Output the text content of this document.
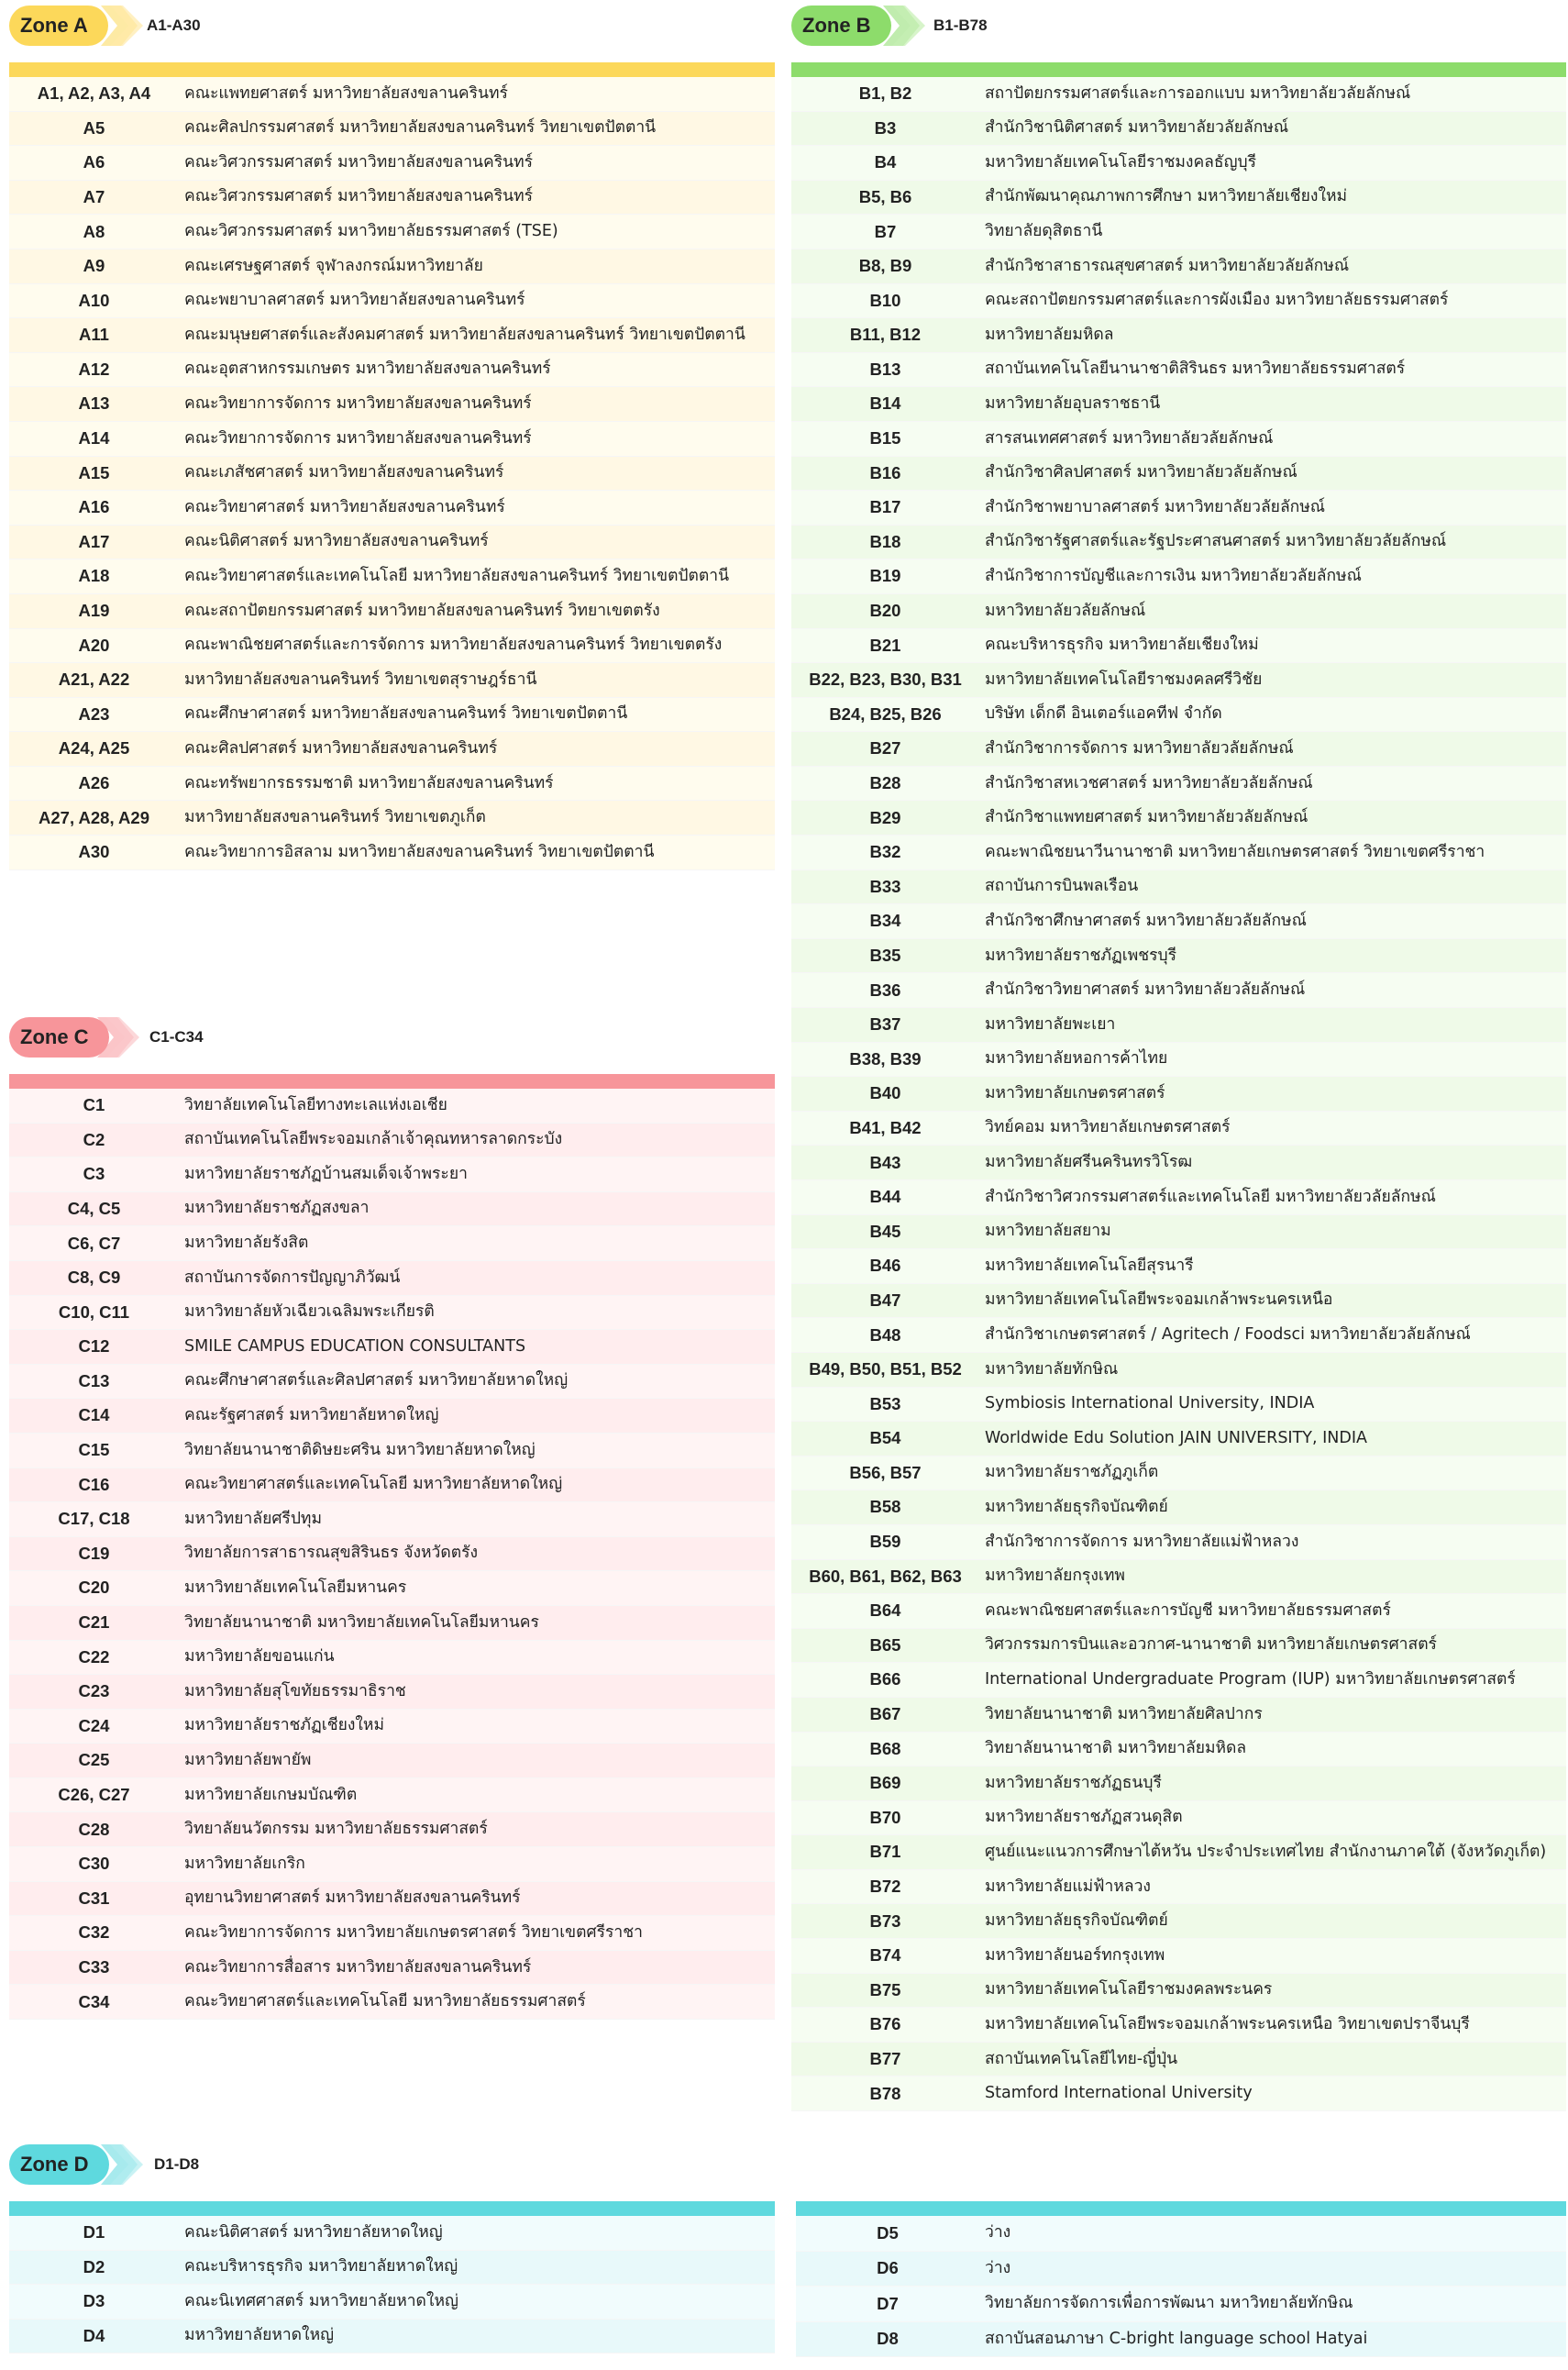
Zone A	A1-A30
A1, A2, A3, A4	คณะแพทยศาสตร์ มหาวิทยาลัยสงขลานครินทร์
A5	คณะศิลปกรรมศาสตร์ มหาวิทยาลัยสงขลานครินทร์ วิทยาเขตปัตตานี
A6	คณะวิศวกรรมศาสตร์ มหาวิทยาลัยสงขลานครินทร์
A7	คณะวิศวกรรมศาสตร์ มหาวิทยาลัยสงขลานครินทร์
A8	คณะวิศวกรรมศาสตร์ มหาวิทยาลัยธรรมศาสตร์ (TSE)
A9	คณะเศรษฐศาสตร์ จุฬาลงกรณ์มหาวิทยาลัย
A10	คณะพยาบาลศาสตร์ มหาวิทยาลัยสงขลานครินทร์
A11	คณะมนุษยศาสตร์และสังคมศาสตร์ มหาวิทยาลัยสงขลานครินทร์ วิทยาเขตปัตตานี
A12	คณะอุตสาหกรรมเกษตร มหาวิทยาลัยสงขลานครินทร์
A13	คณะวิทยาการจัดการ มหาวิทยาลัยสงขลานครินทร์
A14	คณะวิทยาการจัดการ มหาวิทยาลัยสงขลานครินทร์
A15	คณะเภสัชศาสตร์ มหาวิทยาลัยสงขลานครินทร์
A16	คณะวิทยาศาสตร์ มหาวิทยาลัยสงขลานครินทร์
A17	คณะนิติศาสตร์ มหาวิทยาลัยสงขลานครินทร์
A18	คณะวิทยาศาสตร์และเทคโนโลยี มหาวิทยาลัยสงขลานครินทร์ วิทยาเขตปัตตานี
A19	คณะสถาปัตยกรรมศาสตร์ มหาวิทยาลัยสงขลานครินทร์ วิทยาเขตตรัง
A20	คณะพาณิชยศาสตร์และการจัดการ มหาวิทยาลัยสงขลานครินทร์ วิทยาเขตตรัง
A21, A22	มหาวิทยาลัยสงขลานครินทร์ วิทยาเขตสุราษฎร์ธานี
A23	คณะศึกษาศาสตร์ มหาวิทยาลัยสงขลานครินทร์ วิทยาเขตปัตตานี
A24, A25	คณะศิลปศาสตร์ มหาวิทยาลัยสงขลานครินทร์
A26	คณะทรัพยากรธรรมชาติ มหาวิทยาลัยสงขลานครินทร์
A27, A28, A29	มหาวิทยาลัยสงขลานครินทร์ วิทยาเขตภูเก็ต
A30	คณะวิทยาการอิสลาม มหาวิทยาลัยสงขลานครินทร์ วิทยาเขตปัตตานี
Zone B	B1-B78
B1, B2	สถาปัตยกรรมศาสตร์และการออกแบบ มหาวิทยาลัยวลัยลักษณ์
B3	สำนักวิชานิติศาสตร์ มหาวิทยาลัยวลัยลักษณ์
B4	มหาวิทยาลัยเทคโนโลยีราชมงคลธัญบุรี
B5, B6	สำนักพัฒนาคุณภาพการศึกษา มหาวิทยาลัยเชียงใหม่
B7	วิทยาลัยดุสิตธานี
B8, B9	สำนักวิชาสาธารณสุขศาสตร์ มหาวิทยาลัยวลัยลักษณ์
B10	คณะสถาปัตยกรรมศาสตร์และการผังเมือง มหาวิทยาลัยธรรมศาสตร์
B11, B12	มหาวิทยาลัยมหิดล
B13	สถาบันเทคโนโลยีนานาชาติสิรินธร มหาวิทยาลัยธรรมศาสตร์
B14	มหาวิทยาลัยอุบลราชธานี
B15	สารสนเทศศาสตร์ มหาวิทยาลัยวลัยลักษณ์
B16	สำนักวิชาศิลปศาสตร์ มหาวิทยาลัยวลัยลักษณ์
B17	สำนักวิชาพยาบาลศาสตร์ มหาวิทยาลัยวลัยลักษณ์
B18	สำนักวิชารัฐศาสตร์และรัฐประศาสนศาสตร์ มหาวิทยาลัยวลัยลักษณ์
B19	สำนักวิชาการบัญชีและการเงิน มหาวิทยาลัยวลัยลักษณ์
B20	มหาวิทยาลัยวลัยลักษณ์
B21	คณะบริหารธุรกิจ มหาวิทยาลัยเชียงใหม่
B22, B23, B30, B31	มหาวิทยาลัยเทคโนโลยีราชมงคลศรีวิชัย
B24, B25, B26	บริษัท เด็กดี อินเตอร์แอคทีฟ จำกัด
B27	สำนักวิชาการจัดการ มหาวิทยาลัยวลัยลักษณ์
B28	สำนักวิชาสหเวชศาสตร์ มหาวิทยาลัยวลัยลักษณ์
B29	สำนักวิชาแพทยศาสตร์ มหาวิทยาลัยวลัยลักษณ์
B32	คณะพาณิชยนาวีนานาชาติ มหาวิทยาลัยเกษตรศาสตร์ วิทยาเขตศรีราชา
B33	สถาบันการบินพลเรือน
B34	สำนักวิชาศึกษาศาสตร์ มหาวิทยาลัยวลัยลักษณ์
B35	มหาวิทยาลัยราชภัฏเพชรบุรี
B36	สำนักวิชาวิทยาศาสตร์ มหาวิทยาลัยวลัยลักษณ์
B37	มหาวิทยาลัยพะเยา
B38, B39	มหาวิทยาลัยหอการค้าไทย
B40	มหาวิทยาลัยเกษตรศาสตร์
B41, B42	วิทย์คอม มหาวิทยาลัยเกษตรศาสตร์
B43	มหาวิทยาลัยศรีนครินทรวิโรฒ
B44	สำนักวิชาวิศวกรรมศาสตร์และเทคโนโลยี มหาวิทยาลัยวลัยลักษณ์
B45	มหาวิทยาลัยสยาม
B46	มหาวิทยาลัยเทคโนโลยีสุรนารี
B47	มหาวิทยาลัยเทคโนโลยีพระจอมเกล้าพระนครเหนือ
B48	สำนักวิชาเกษตรศาสตร์ / Agritech / Foodsci มหาวิทยาลัยวลัยลักษณ์
B49, B50, B51, B52	มหาวิทยาลัยทักษิณ
B53	Symbiosis International University, INDIA
B54	Worldwide Edu Solution JAIN UNIVERSITY, INDIA
B56, B57	มหาวิทยาลัยราชภัฏภูเก็ต
B58	มหาวิทยาลัยธุรกิจบัณฑิตย์
B59	สำนักวิชาการจัดการ มหาวิทยาลัยแม่ฟ้าหลวง
B60, B61, B62, B63	มหาวิทยาลัยกรุงเทพ
B64	คณะพาณิชยศาสตร์และการบัญชี มหาวิทยาลัยธรรมศาสตร์
B65	วิศวกรรมการบินและอวกาศ-นานาชาติ มหาวิทยาลัยเกษตรศาสตร์
B66	International Undergraduate Program (IUP) มหาวิทยาลัยเกษตรศาสตร์
B67	วิทยาลัยนานาชาติ มหาวิทยาลัยศิลปากร
B68	วิทยาลัยนานาชาติ มหาวิทยาลัยมหิดล
B69	มหาวิทยาลัยราชภัฏธนบุรี
B70	มหาวิทยาลัยราชภัฏสวนดุสิต
B71	ศูนย์แนะแนวการศึกษาไต้หวัน ประจำประเทศไทย สำนักงานภาคใต้ (จังหวัดภูเก็ต)
B72	มหาวิทยาลัยแม่ฟ้าหลวง
B73	มหาวิทยาลัยธุรกิจบัณฑิตย์
B74	มหาวิทยาลัยนอร์ทกรุงเทพ
B75	มหาวิทยาลัยเทคโนโลยีราชมงคลพระนคร
B76	มหาวิทยาลัยเทคโนโลยีพระจอมเกล้าพระนครเหนือ วิทยาเขตปราจีนบุรี
B77	สถาบันเทคโนโลยีไทย-ญี่ปุ่น
B78	Stamford International University
Zone C	C1-C34
C1	วิทยาลัยเทคโนโลยีทางทะเลแห่งเอเชีย
C2	สถาบันเทคโนโลยีพระจอมเกล้าเจ้าคุณทหารลาดกระบัง
C3	มหาวิทยาลัยราชภัฏบ้านสมเด็จเจ้าพระยา
C4, C5	มหาวิทยาลัยราชภัฏสงขลา
C6, C7	มหาวิทยาลัยรังสิต
C8, C9	สถาบันการจัดการปัญญาภิวัฒน์
C10, C11	มหาวิทยาลัยหัวเฉียวเฉลิมพระเกียรติ
C12	SMILE CAMPUS EDUCATION CONSULTANTS
C13	คณะศึกษาศาสตร์และศิลปศาสตร์ มหาวิทยาลัยหาดใหญ่
C14	คณะรัฐศาสตร์ มหาวิทยาลัยหาดใหญ่
C15	วิทยาลัยนานาชาติดิษยะศริน มหาวิทยาลัยหาดใหญ่
C16	คณะวิทยาศาสตร์และเทคโนโลยี มหาวิทยาลัยหาดใหญ่
C17, C18	มหาวิทยาลัยศรีปทุม
C19	วิทยาลัยการสาธารณสุขสิรินธร จังหวัดตรัง
C20	มหาวิทยาลัยเทคโนโลยีมหานคร
C21	วิทยาลัยนานาชาติ มหาวิทยาลัยเทคโนโลยีมหานคร
C22	มหาวิทยาลัยขอนแก่น
C23	มหาวิทยาลัยสุโขทัยธรรมาธิราช
C24	มหาวิทยาลัยราชภัฏเชียงใหม่
C25	มหาวิทยาลัยพายัพ
C26, C27	มหาวิทยาลัยเกษมบัณฑิต
C28	วิทยาลัยนวัตกรรม มหาวิทยาลัยธรรมศาสตร์
C30	มหาวิทยาลัยเกริก
C31	อุทยานวิทยาศาสตร์ มหาวิทยาลัยสงขลานครินทร์
C32	คณะวิทยาการจัดการ มหาวิทยาลัยเกษตรศาสตร์ วิทยาเขตศรีราชา
C33	คณะวิทยาการสื่อสาร มหาวิทยาลัยสงขลานครินทร์
C34	คณะวิทยาศาสตร์และเทคโนโลยี มหาวิทยาลัยธรรมศาสตร์
Zone D	D1-D8
D1	คณะนิติศาสตร์ มหาวิทยาลัยหาดใหญ่
D2	คณะบริหารธุรกิจ มหาวิทยาลัยหาดใหญ่
D3	คณะนิเทศศาสตร์ มหาวิทยาลัยหาดใหญ่
D4	มหาวิทยาลัยหาดใหญ่
D5	ว่าง
D6	ว่าง
D7	วิทยาลัยการจัดการเพื่อการพัฒนา มหาวิทยาลัยทักษิณ
D8	สถาบันสอนภาษา C-bright language school Hatyai
